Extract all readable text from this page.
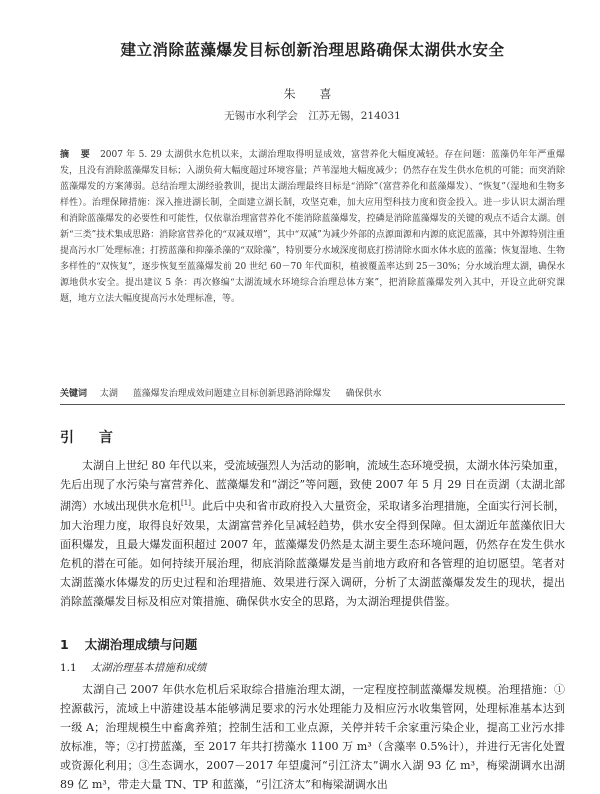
建立消除蓝藻爆发目标创新治理思路确保太湖供水安全
朱 喜
无锡市水利学会　江苏无锡，214031
摘 要 2007 年 5. 29 太湖供水危机以来，太湖治理取得明显成效，富营养化大幅度减轻。存在问题：蓝藻仍年年严重爆发，且没有消除蓝藻爆发目标；入湖负荷大幅度超过环境容量；芦苇湿地大幅度减少；仍然存在发生供水危机的可能；而突消除蓝藻爆发的方案薄弱。总结治理太湖经验教训，提出太湖治理最终目标是“消除”（富营养化和蓝藻爆发）、“恢复”（湿地和生物多样性）。治理保障措施：深入推进湖长制，全面建立湖长制，攻坚克难，加大应用型科技力度和资金投入。进一步认识太湖治理和消除蓝藻爆发的必要性和可能性，仅依靠治理富营养化不能消除蓝藻爆发，控磷是消除蓝藻爆发的关键的观点不适合太湖。创新“三类”技术集成思路：消除富营养化的“双减双增”，其中“双减”为减少外部的点源面源和内源的底泥蓝藻，其中外源特别注重提高污水厂处理标准；打捞蓝藻和抑藻杀藻的“双除藻”，特别要分水域深度彻底打捞清除水面水体水底的蓝藻；恢复湿地、生物多样性的“双恢复”，逐步恢复至蓝藻爆发前 20 世纪 60－70 年代面积，植被覆盖率达到 25－30%；分水域治理太湖，确保水源地供水安全。提出建议 5 条：再次修编“太湖流域水环境综合治理总体方案”，把消除蓝藻爆发列入其中，开设立此研究课题，地方立法大幅度提高污水处理标准，等。
关键词 太湖 蓝藻爆发治理成效问题建立目标创新思路消除爆发 确保供水
引 言
太湖自上世纪 80 年代以来，受流域强烈人为活动的影响，流域生态环境受损，太湖水体污染加重，先后出现了水污染与富营养化、蓝藻爆发和“湖泛”等问题，致使 2007 年 5 月 29 日在贡湖（太湖北部湖湾）水域出现供水危机[1]。此后中央和省市政府投入大量资金，采取诸多治理措施，全面实行河长制，加大治理力度，取得良好效果，太湖富营养化呈减轻趋势，供水安全得到保障。但太湖近年蓝藻依旧大面积爆发，且最大爆发面积超过 2007 年，蓝藻爆发仍然是太湖主要生态环境问题，仍然存在发生供水危机的潜在可能。如何持续开展治理，彻底消除蓝藻爆发是当前地方政府和各管理的迫切愿望。笔者对太湖蓝藻水体爆发的历史过程和治理措施、效果进行深入调研，分析了太湖蓝藻爆发发生的现状，提出消除蓝藻爆发目标及相应对策措施、确保供水安全的思路，为太湖治理提供借鉴。
1 太湖治理成绩与问题
1.1 太湖治理基本措施和成绩
太湖自己 2007 年供水危机后采取综合措施治理太湖，一定程度控制蓝藻爆发规模。治理措施：①控源截污，流域上中游建设基本能够满足要求的污水处理能力及相应污水收集管网，处理标准基本达到一级 A；治理规模生中畜禽养殖；控制生活和工业点源，关停并转千余家重污染企业，提高工业污水排放标准，等；②打捞蓝藻，至 2017 年共打捞藻水 1100 万 m³（含藻率 0.5%计），并进行无害化处置或资源化利用；③生态调水，2007－2017 年望虞河“引江济太”调水入湖 93 亿 m³，梅梁湖调水出湖 89 亿 m³，带走大量 TN、TP 和蓝藻，“引江济太”和梅梁湖调水出
